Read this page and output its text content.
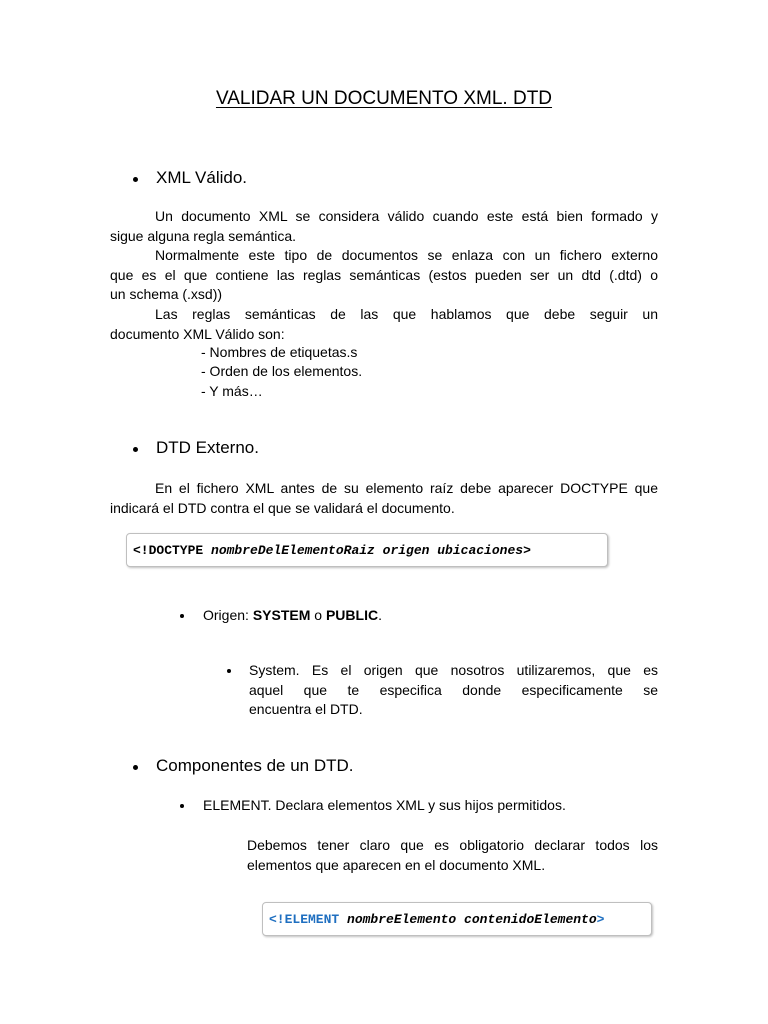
VALIDAR UN DOCUMENTO XML. DTD
XML Válido.
Un documento XML se considera válido cuando este está bien formado y
sigue alguna regla semántica.
Normalmente este tipo de documentos se enlaza con un fichero externo
que es el que contiene las reglas semánticas (estos pueden ser un dtd (.dtd) o
un schema (.xsd))
Las reglas semánticas de las que hablamos que debe seguir un
documento XML Válido son:
- Nombres de etiquetas.s
- Orden de los elementos.
- Y más…
DTD Externo.
En el fichero XML antes de su elemento raíz debe aparecer DOCTYPE que
indicará el DTD contra el que se validará el documento.
<!DOCTYPE nombreDelElementoRaiz origen ubicaciones >
Origen: SYSTEM o PUBLIC.
System. Es el origen que nosotros utilizaremos, que es
aquel que te especifica donde especificamente se
encuentra el DTD.
Componentes de un DTD.
ELEMENT. Declara elementos XML y sus hijos permitidos.
Debemos tener claro que es obligatorio declarar todos los
elementos que aparecen en el documento XML.
<!ELEMENT nombreElemento contenidoElemento >
